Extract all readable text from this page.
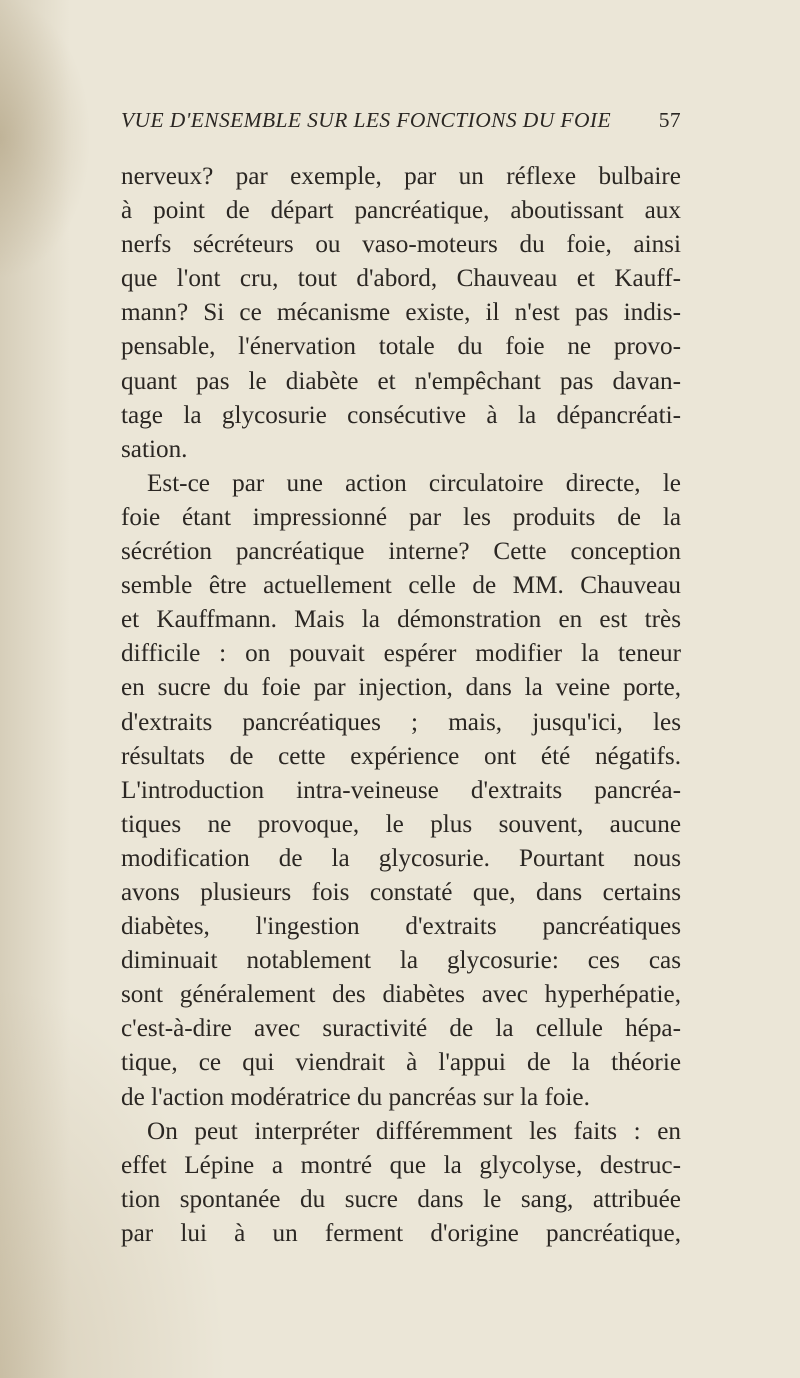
VUE D'ENSEMBLE SUR LES FONCTIONS DU FOIE 57
nerveux? par exemple, par un réflexe bulbaire
à point de départ pancréatique, aboutissant aux
nerfs sécréteurs ou vaso-moteurs du foie, ainsi
que l'ont cru, tout d'abord, Chauveau et Kauff-
mann? Si ce mécanisme existe, il n'est pas indis-
pensable, l'énervation totale du foie ne provo-
quant pas le diabète et n'empêchant pas davan-
tage la glycosurie consécutive à la dépancréati-
sation.
Est-ce par une action circulatoire directe, le
foie étant impressionné par les produits de la
sécrétion pancréatique interne? Cette conception
semble être actuellement celle de MM. Chauveau
et Kauffmann. Mais la démonstration en est très
difficile : on pouvait espérer modifier la teneur
en sucre du foie par injection, dans la veine porte,
d'extraits pancréatiques ; mais, jusqu'ici, les
résultats de cette expérience ont été négatifs.
L'introduction intra-veineuse d'extraits pancréa-
tiques ne provoque, le plus souvent, aucune
modification de la glycosurie. Pourtant nous
avons plusieurs fois constaté que, dans certains
diabètes, l'ingestion d'extraits pancréatiques
diminuait notablement la glycosurie: ces cas
sont généralement des diabètes avec hyperhépatie,
c'est-à-dire avec suractivité de la cellule hépa-
tique, ce qui viendrait à l'appui de la théorie
de l'action modératrice du pancréas sur la foie.
On peut interpréter différemment les faits : en
effet Lépine a montré que la glycolyse, destruc-
tion spontanée du sucre dans le sang, attribuée
par lui à un ferment d'origine pancréatique,
